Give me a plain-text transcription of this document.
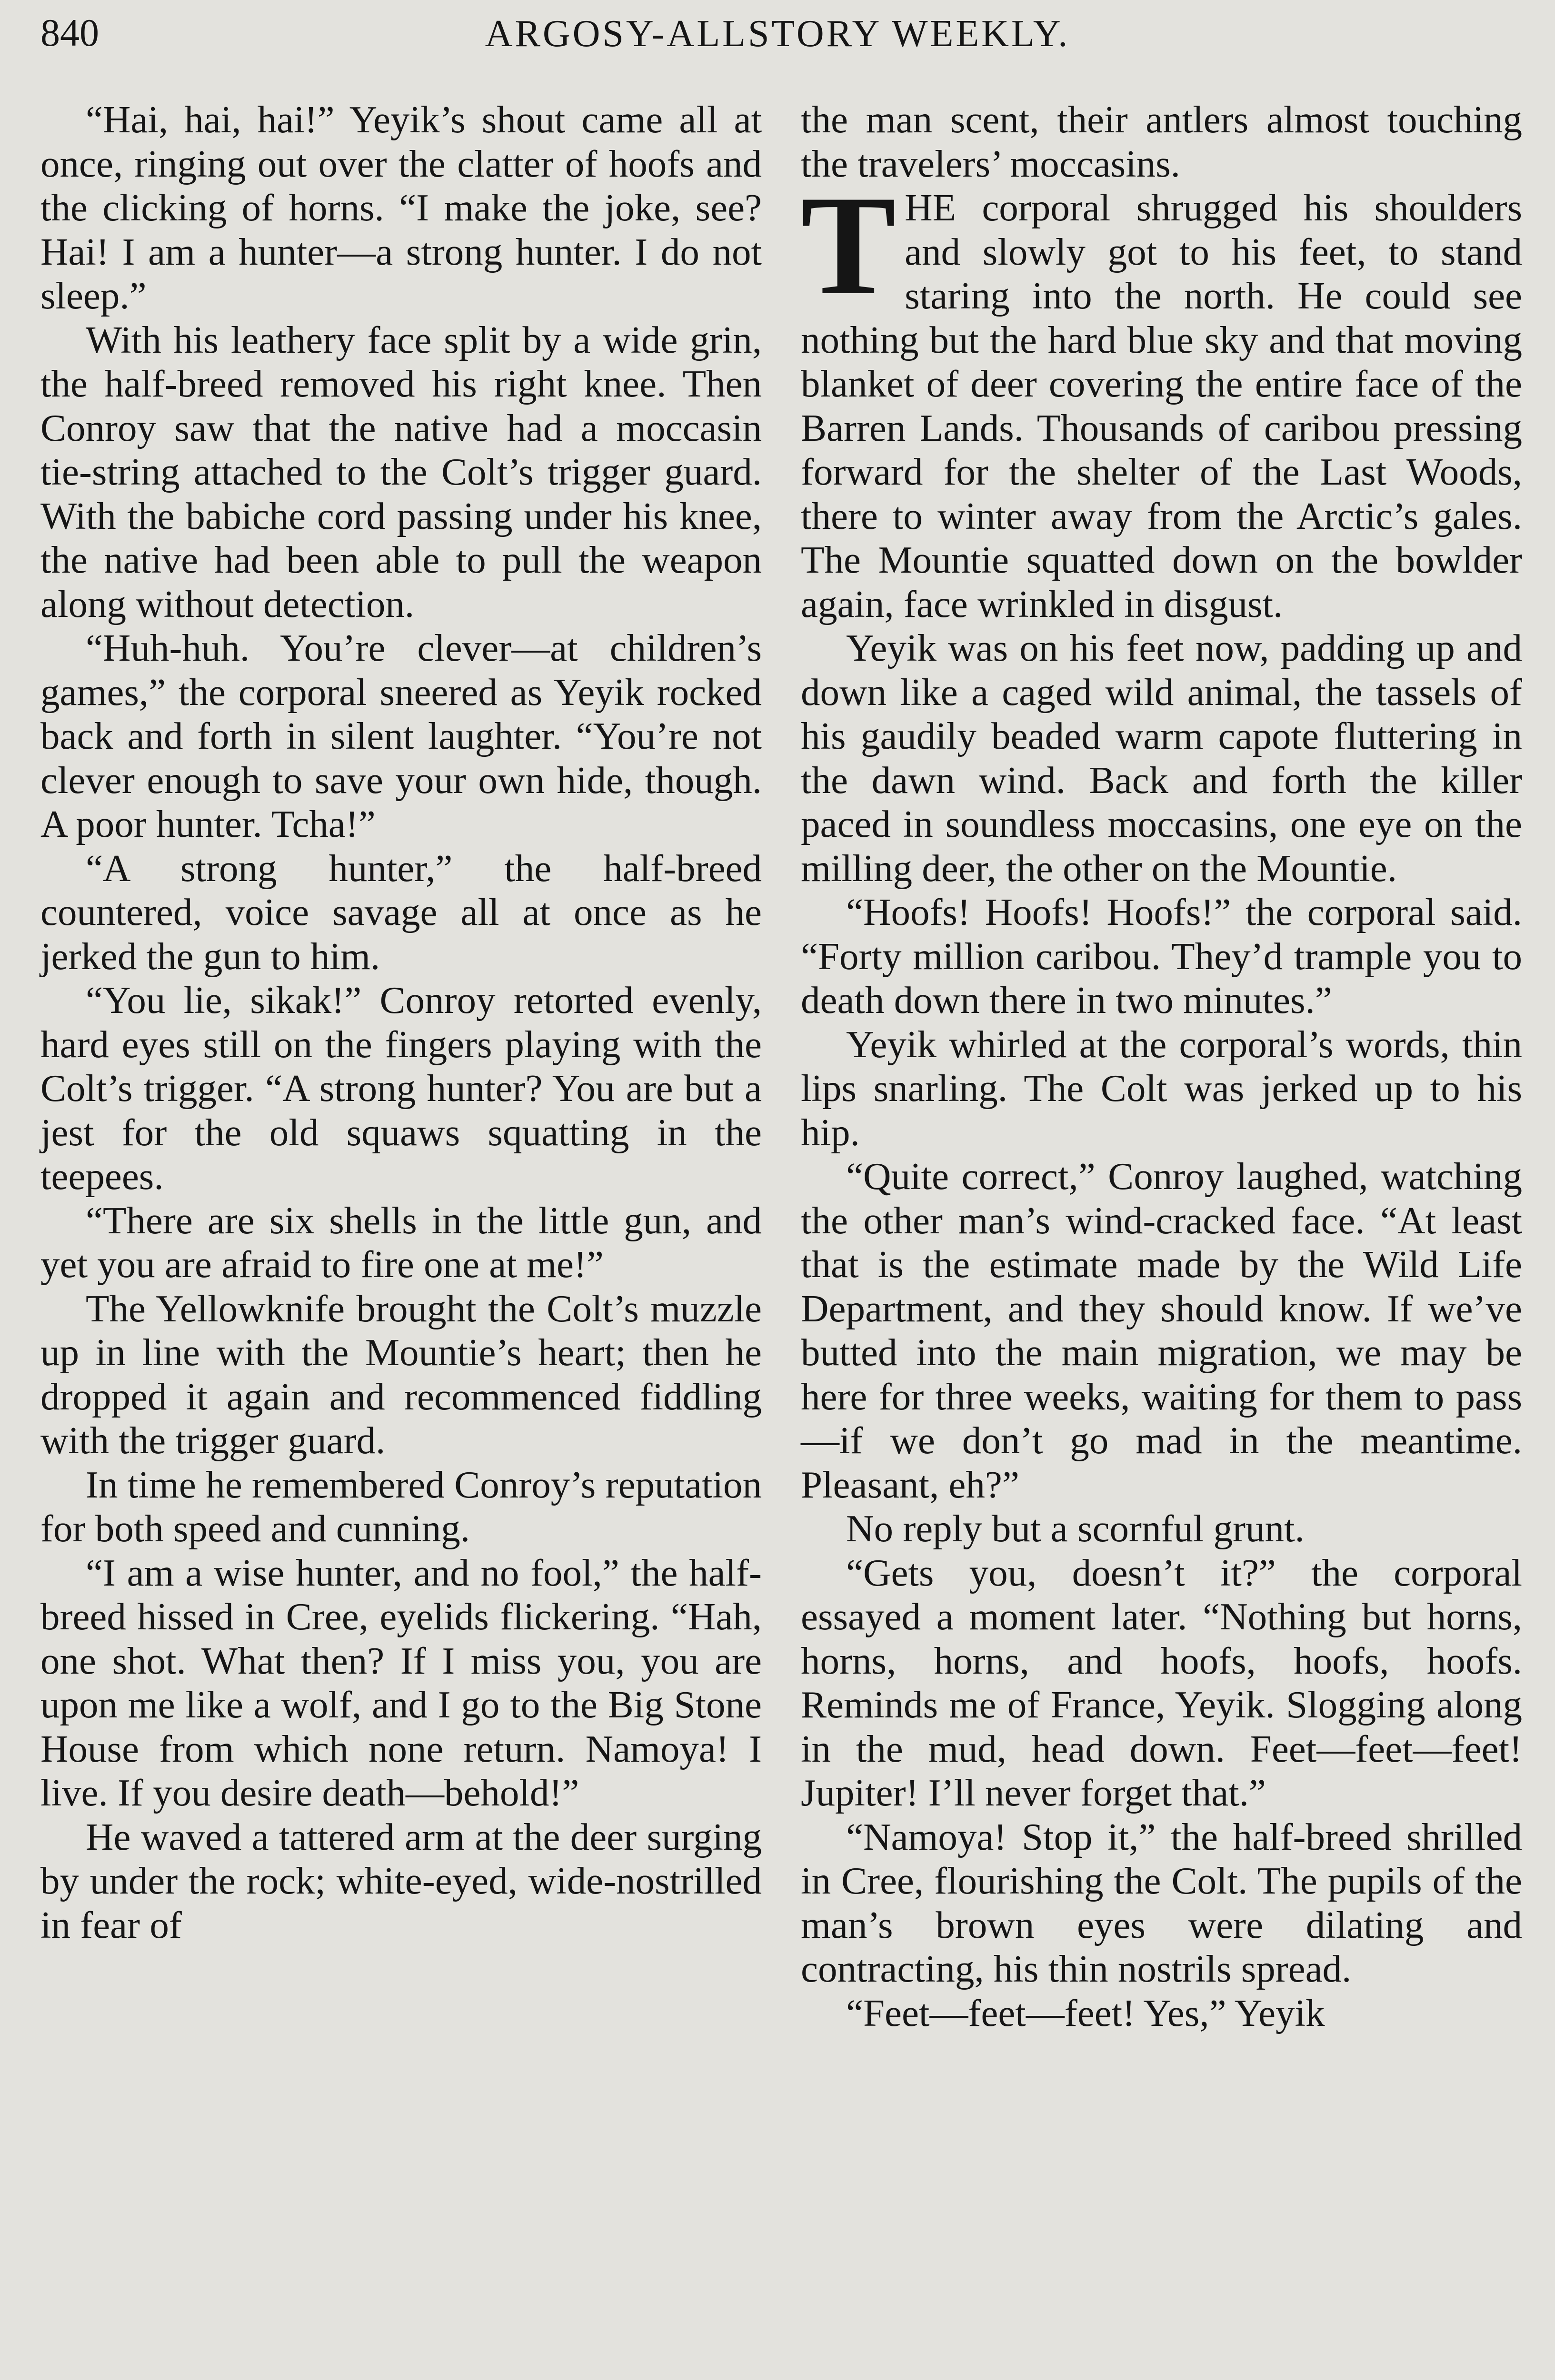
840	ARGOSY-ALLSTORY WEEKLY.

“Hai, hai, hai!” Yeyik’s shout came all at once, ringing out over the clatter of hoofs and the clicking of horns. “I make the joke, see? Hai! I am a hunter—a strong hunter. I do not sleep.”

With his leathery face split by a wide grin, the half-breed removed his right knee. Then Conroy saw that the native had a moccasin tie-string attached to the Colt’s trigger guard. With the babiche cord passing under his knee, the native had been able to pull the weapon along without detection.

“Huh-huh. You’re clever—at children’s games,” the corporal sneered as Yeyik rocked back and forth in silent laughter. “You’re not clever enough to save your own hide, though. A poor hunter. Tcha!”

“A strong hunter,” the half-breed countered, voice savage all at once as he jerked the gun to him.

“You lie, sikak!” Conroy retorted evenly, hard eyes still on the fingers playing with the Colt’s trigger. “A strong hunter? You are but a jest for the old squaws squatting in the teepees.

“There are six shells in the little gun, and yet you are afraid to fire one at me!”

The Yellowknife brought the Colt’s muzzle up in line with the Mountie’s heart; then he dropped it again and recommenced fiddling with the trigger guard.

In time he remembered Conroy’s reputation for both speed and cunning.

“I am a wise hunter, and no fool,” the half-breed hissed in Cree, eyelids flickering. “Hah, one shot. What then? If I miss you, you are upon me like a wolf, and I go to the Big Stone House from which none return. Namoya! I live. If you desire death—behold!”

He waved a tattered arm at the deer surging by under the rock; white-eyed, wide-nostrilled in fear of

the man scent, their antlers almost touching the travelers’ moccasins.

THE corporal shrugged his shoulders and slowly got to his feet, to stand staring into the north. He could see nothing but the hard blue sky and that moving blanket of deer covering the entire face of the Barren Lands. Thousands of caribou pressing forward for the shelter of the Last Woods, there to winter away from the Arctic’s gales. The Mountie squatted down on the bowlder again, face wrinkled in disgust.

Yeyik was on his feet now, padding up and down like a caged wild animal, the tassels of his gaudily beaded warm capote fluttering in the dawn wind. Back and forth the killer paced in soundless moccasins, one eye on the milling deer, the other on the Mountie.

“Hoofs! Hoofs! Hoofs!” the corporal said. “Forty million caribou. They’d trample you to death down there in two minutes.”

Yeyik whirled at the corporal’s words, thin lips snarling. The Colt was jerked up to his hip.

“Quite correct,” Conroy laughed, watching the other man’s wind-cracked face. “At least that is the estimate made by the Wild Life Department, and they should know. If we’ve butted into the main migration, we may be here for three weeks, waiting for them to pass—if we don’t go mad in the meantime. Pleasant, eh?”

No reply but a scornful grunt.

“Gets you, doesn’t it?” the corporal essayed a moment later. “Nothing but horns, horns, horns, and hoofs, hoofs, hoofs. Reminds me of France, Yeyik. Slogging along in the mud, head down. Feet—feet—feet! Jupiter! I’ll never forget that.”

“Namoya! Stop it,” the half-breed shrilled in Cree, flourishing the Colt. The pupils of the man’s brown eyes were dilating and contracting, his thin nostrils spread.

“Feet—feet—feet! Yes,” Yeyik
